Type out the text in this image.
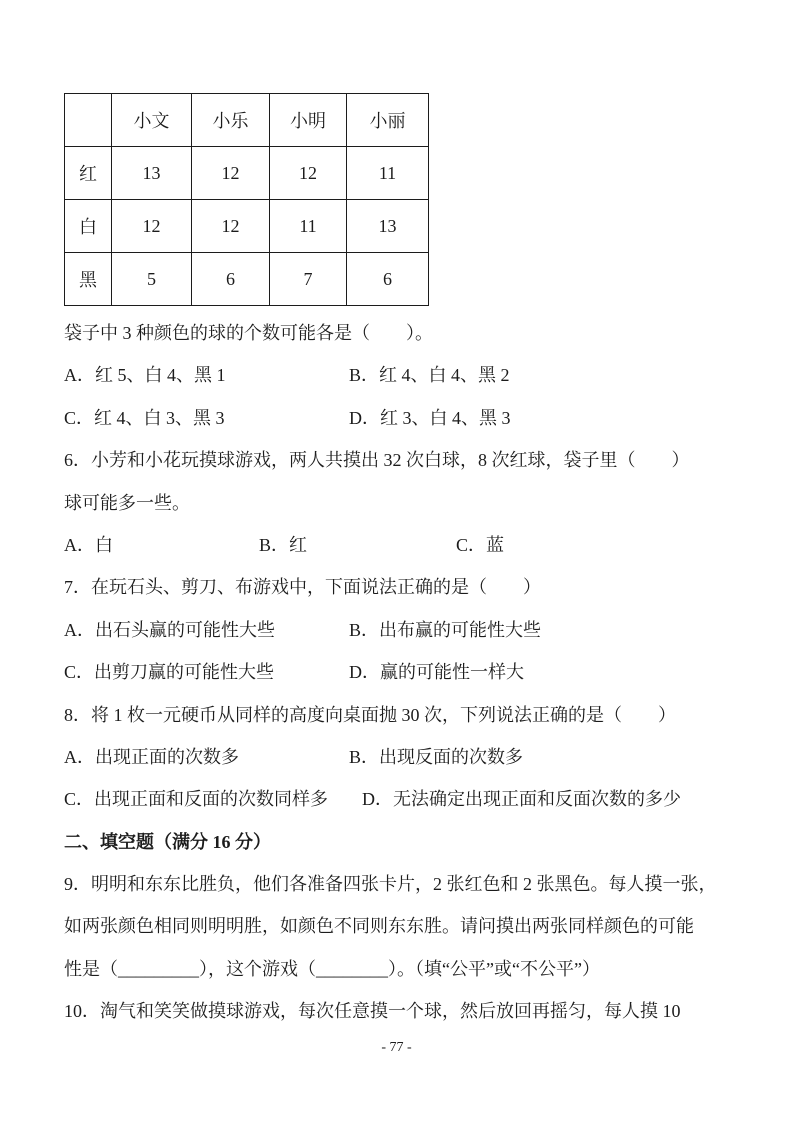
	小文	小乐	小明	小丽
红	13	12	12	11
白	12	12	11	13
黑	5	6	7	6
袋子中 3 种颜色的球的个数可能各是（　　）。
A．红 5、白 4、黑 1	B．红 4、白 4、黑 2
C．红 4、白 3、黑 3	D．红 3、白 4、黑 3
6．小芳和小花玩摸球游戏，两人共摸出 32 次白球，8 次红球，袋子里（　　）
球可能多一些。
A．白	B．红	C．蓝
7．在玩石头、剪刀、布游戏中，下面说法正确的是（　　）
A．出石头赢的可能性大些	B．出布赢的可能性大些
C．出剪刀赢的可能性大些	D．赢的可能性一样大
8．将 1 枚一元硬币从同样的高度向桌面抛 30 次，下列说法正确的是（　　）
A．出现正面的次数多	B．出现反面的次数多
C．出现正面和反面的次数同样多	D．无法确定出现正面和反面次数的多少
二、填空题（满分 16 分）
9．明明和东东比胜负，他们各准备四张卡片，2 张红色和 2 张黑色。每人摸一张，
如两张颜色相同则明明胜，如颜色不同则东东胜。请问摸出两张同样颜色的可能
性是（_________），这个游戏（________）。（填“公平”或“不公平”）
10．淘气和笑笑做摸球游戏，每次任意摸一个球，然后放回再摇匀，每人摸 10
- 77 -
